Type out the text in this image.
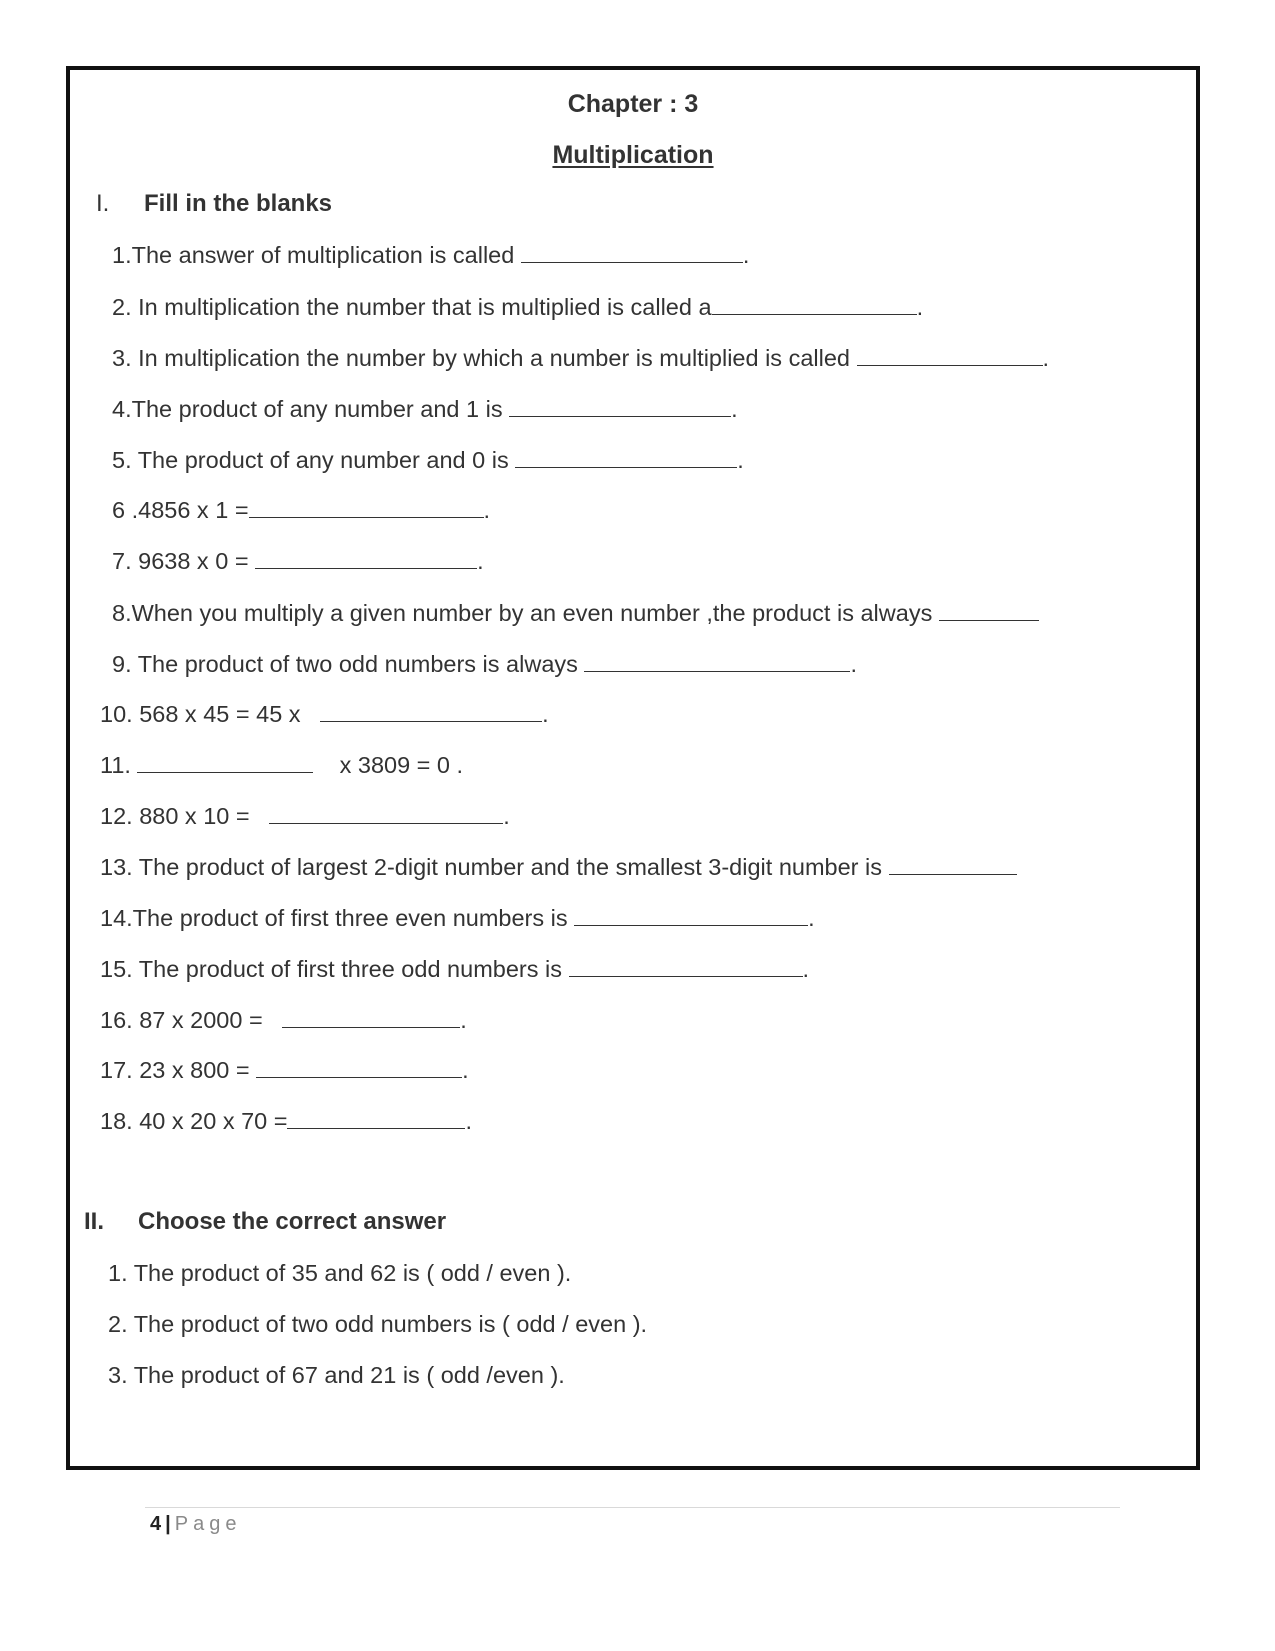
Chapter : 3
Multiplication
I. Fill in the blanks
1.The answer of multiplication is called	.
2. In multiplication the number that is multiplied is called a	.
3. In multiplication the number by which a number is multiplied is called	.
4.The product of any number and 1 is	.
5. The product of any number and 0 is	.
6 .4856 x 1 =	.
7. 9638 x 0 =	.
8.When you multiply a given number by an even number ,the product is always
9. The product of two odd numbers is always	.
10. 568 x 45 = 45 x	.
11.	x 3809 = 0 .
12. 880 x 10 =	.
13. The product of largest 2-digit number and the smallest 3-digit number is
14.The product of first three even numbers is	.
15. The product of first three odd numbers is	.
16. 87 x 2000 =	.
17. 23 x 800 =	.
18. 40 x 20 x 70 =	.
II. Choose the correct answer
1. The product of 35 and 62 is ( odd / even ).
2. The product of two odd numbers is ( odd / even ).
3. The product of 67 and 21 is ( odd /even ).
4 | Page
